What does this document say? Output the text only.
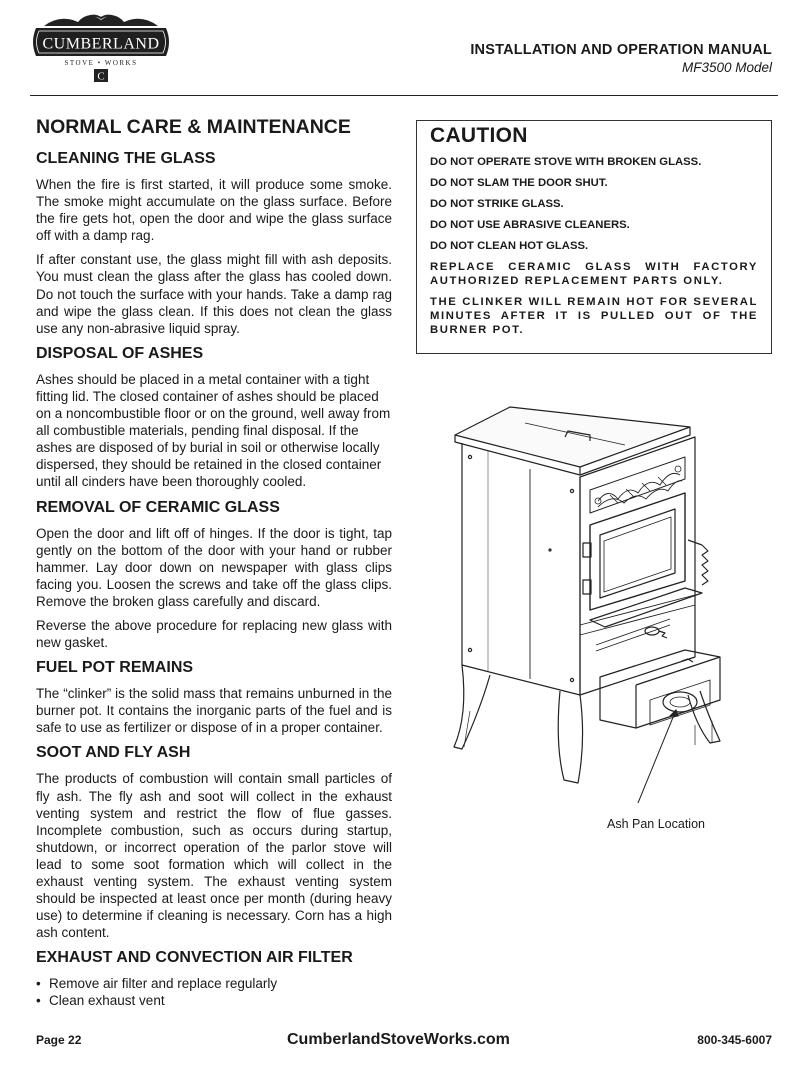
CUMBERLAND
STOVE • WORKS
C
INSTALLATION AND OPERATION MANUAL
MF3500 Model
NORMAL CARE & MAINTENANCE
CLEANING THE GLASS

When the fire is first started, it will produce some smoke. The smoke might accumulate on the glass surface. Before the fire gets hot, open the door and wipe the glass surface off with a damp rag.

If after constant use, the glass might fill with ash deposits. You must clean the glass after the glass has cooled down. Do not touch the surface with your hands. Take a damp rag and wipe the glass clean. If this does not clean the glass use any non-abrasive liquid spray.

DISPOSAL OF ASHES

Ashes should be placed in a metal container with a tight fitting lid. The closed container of ashes should be placed on a noncombustible floor or on the ground, well away from all combustible materials, pending final disposal. If the ashes are disposed of by burial in soil or otherwise locally dispersed, they should be retained in the closed container until all cinders have been thoroughly cooled.

REMOVAL OF CERAMIC GLASS

Open the door and lift off of hinges. If the door is tight, tap gently on the bottom of the door with your hand or rubber hammer. Lay door down on newspaper with glass clips facing you. Loosen the screws and take off the glass clips. Remove the broken glass carefully and discard.

Reverse the above procedure for replacing new glass with new gasket.

FUEL POT REMAINS

The “clinker” is the solid mass that remains unburned in the burner pot. It contains the inorganic parts of the fuel and is safe to use as fertilizer or dispose of in a proper container.

SOOT AND FLY ASH

The products of combustion will contain small particles of fly ash. The fly ash and soot will collect in the exhaust venting system and restrict the flow of flue gasses. Incomplete combustion, such as occurs during startup, shutdown, or incorrect operation of the parlor stove will lead to some soot formation which will collect in the exhaust venting system. The exhaust venting system should be inspected at least once per month (during heavy use) to determine if cleaning is necessary. Corn has a high ash content.

EXHAUST AND CONVECTION AIR FILTER
• Remove air filter and replace regularly
• Clean exhaust vent
CAUTION

DO NOT OPERATE STOVE WITH BROKEN GLASS.

DO NOT SLAM THE DOOR SHUT.

DO NOT STRIKE GLASS.

DO NOT USE ABRASIVE CLEANERS.

DO NOT CLEAN HOT GLASS.

REPLACE CERAMIC GLASS WITH FACTORY AUTHORIZED REPLACEMENT PARTS ONLY.

THE CLINKER WILL REMAIN HOT FOR SEVERAL MINUTES AFTER IT IS PULLED OUT OF THE BURNER POT.

Ash Pan Location
Page 22	CumberlandStoveWorks.com	800-345-6007
